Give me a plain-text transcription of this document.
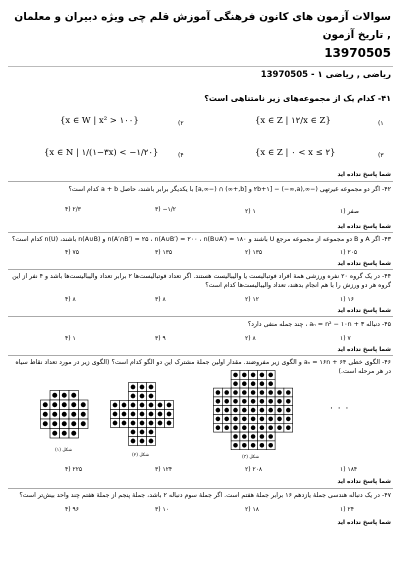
سوالات آزمون های کانون فرهنگی آموزش قلم چی ویژه دبیران و معلمان , تاریخ آزمون
13970505
ریاضی , ریاضی ۱ - 13970505
۴۱- کدام یک از مجموعه‌های زیر نامتناهی است؟
(۱
{x ∈ Z | ۱۲/x ∈ Z}
(۲
{x ∈ W | x² > ۱۰۰}
(۳
{x ∈ Z | ۰ < x ≤ ۲}
(۴
{x ∈ N | ۱/(۱−۳x) < −۱/۲۰}
شما پاسخ نداده اید
۴۲- اگر دو مجموعه غیرتهی (−∞,۲b+۱] − (−∞,a) و [b,+∞) ∩ (−∞,a] با یکدیگر برابر باشند، حاصل a + b کدام است؟
۱) صفر
۲) ۱
۳) −۱/۲
۴) ۲/۳
شما پاسخ نداده اید
۴۳- اگر A و B دو مجموعه از مجموعه مرجع U باشند و n(A′∩B′) = ۲۵ ، n(A∪B′) = ۲۰۰ ، n(B∪A′) = ۱۸۰ و n(A∪B) باشند، n(U) کدام است؟
۱) ۲۰۵
۲) ۱۳۵
۳) ۱۳۵
۴) ۷۵
شما پاسخ نداده اید
۴۴- در یک گروه ۲۰ نفره ورزشی همهٔ افراد فوتبالیست یا والیبالیست هستند. اگر تعداد فوتبالیست‌ها ۲ برابر تعداد والیبالیست‌ها باشد و ۴ نفر از این گروه هر دو ورزش را با هم انجام بدهند، تعداد والیبالیست‌ها کدام است؟
۱) ۱۶
۲) ۱۲
۳) ۸
۴) ۸
شما پاسخ نداده اید
۴۵- دنباله aₙ = n² − ۱۰n + ۳ ، چند جمله منفی دارد؟
۱) ۷
۲) ۸
۳) ۹
۴) ۱
شما پاسخ نداده اید
۴۶- الگوی خطی aₙ = ۱۶n + ۶۴ و الگوی زیر مفروضند. مقدار اولین جملهٔ مشترک این دو الگو کدام است؟ (الگوی زیر در مورد تعداد نقاط سیاه در هر مرحله است.)
شکل (۱)
شکل (۲)	شکل (۳)
· · ·
۱) ۱۸۴
۲) ۲۰۸
۳) ۱۲۴
۴) ۲۲۵
شما پاسخ نداده اید
۴۷- در یک دنباله هندسی جملهٔ یازدهم ۱۶ برابر جملهٔ هفتم است. اگر جملهٔ سوم دنباله ۲ باشد، جملهٔ پنجم از جملهٔ هفتم چند واحد بیش‌تر است؟
۱) ۲۴
۲) ۱۸
۳) ۱۰
۴) ۹۶
شما پاسخ نداده اید
